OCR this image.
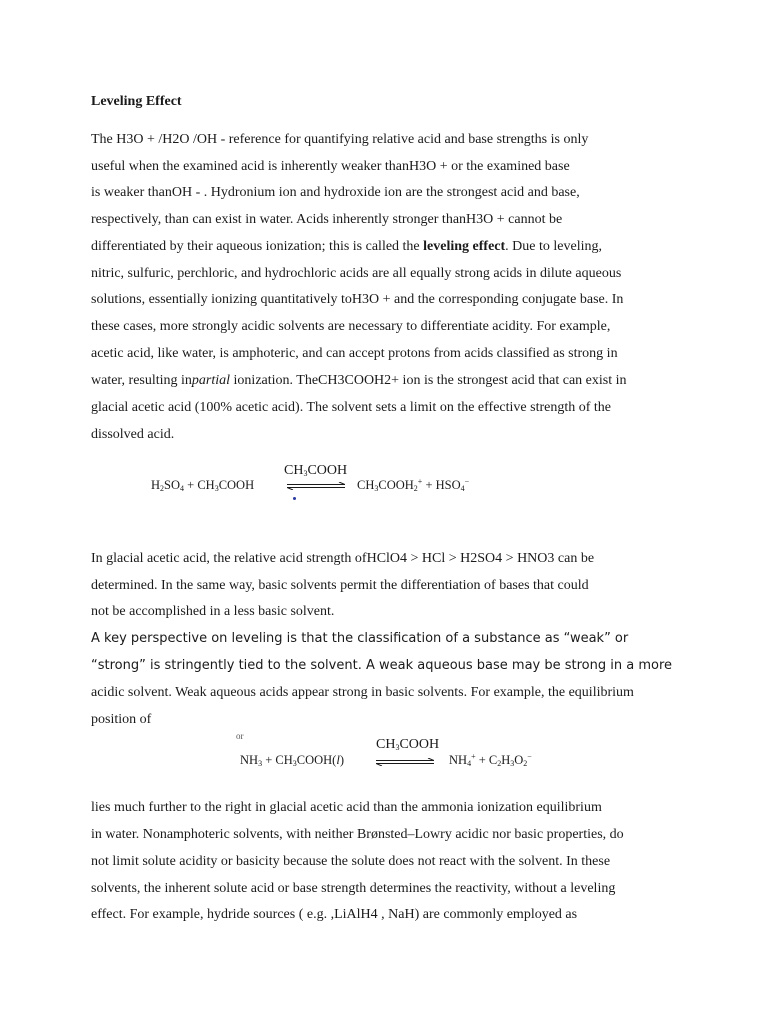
Leveling Effect
The H3O + /H2O /OH - reference for quantifying relative acid and base strengths is only
useful when the examined acid is inherently weaker thanH3O + or the examined base
is weaker thanOH - . Hydronium ion and hydroxide ion are the strongest acid and base,
respectively, than can exist in water. Acids inherently stronger thanH3O + cannot be
differentiated by their aqueous ionization; this is called the leveling effect. Due to leveling,
nitric, sulfuric, perchloric, and hydrochloric acids are all equally strong acids in dilute aqueous
solutions, essentially ionizing quantitatively toH3O + and the corresponding conjugate base. In
these cases, more strongly acidic solvents are necessary to differentiate acidity. For example,
acetic acid, like water, is amphoteric, and can accept protons from acids classified as strong in
water, resulting inpartial ionization. TheCH3COOH2+ ion is the strongest acid that can exist in
glacial acetic acid (100% acetic acid). The solvent sets a limit on the effective strength of the
dissolved acid.
$CH_3COOH$
$H_2SO_4$ + $CH_3COOH$ ⇌ $CH_3COOH_2^+ + HSO_4^-$
In glacial acetic acid, the relative acid strength ofHClO4 > HCl > H2SO4 > HNO3 can be
determined. In the same way, basic solvents permit the differentiation of bases that could
not be accomplished in a less basic solvent.
A key perspective on leveling is that the classification of a substance as “weak” or
“strong” is stringently tied to the solvent. A weak aqueous base may be strong in a more
acidic solvent. Weak aqueous acids appear strong in basic solvents. For example, the equilibrium
position of
or
$CH_3COOH$
$NH_3$ + $CH_3COOH(l)$ ⇌ $NH_4^+ + C_2H_3O_2^-$
lies much further to the right in glacial acetic acid than the ammonia ionization equilibrium
in water. Nonamphoteric solvents, with neither Brønsted–Lowry acidic nor basic properties, do
not limit solute acidity or basicity because the solute does not react with the solvent. In these
solvents, the inherent solute acid or base strength determines the reactivity, without a leveling
effect. For example, hydride sources ( e.g. ,LiAlH4 , NaH) are commonly employed as
